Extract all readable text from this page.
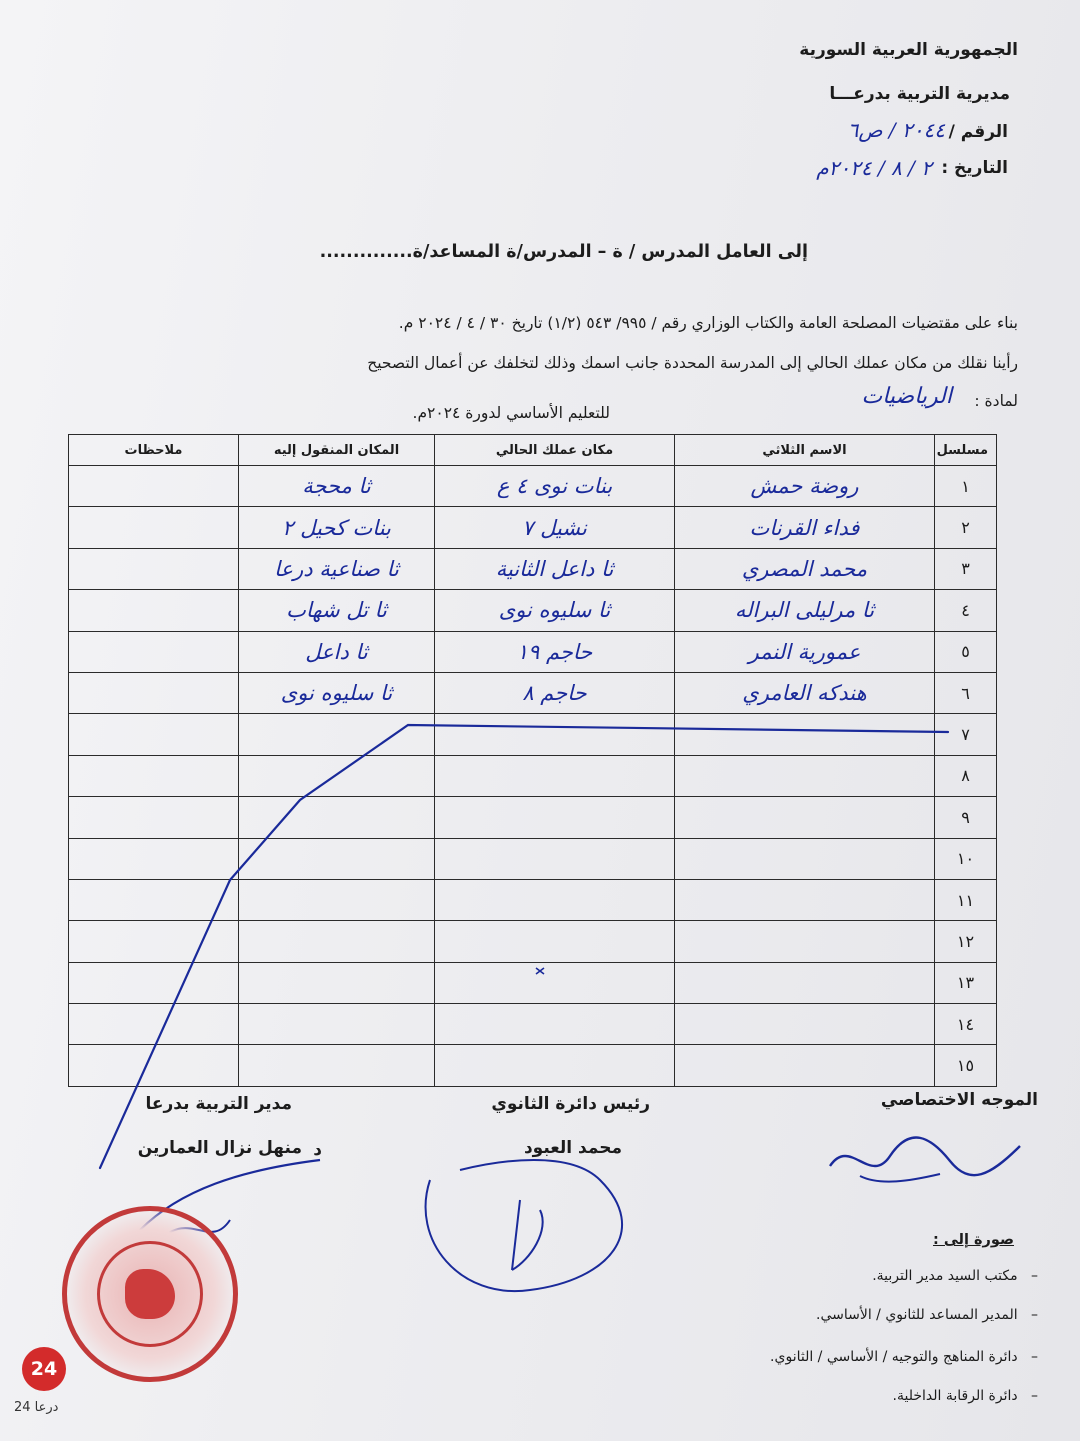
الجمهورية العربية السورية
مديرية التربية بدرعـــا
الرقم /
٢٠٤٤ / ص٦
التاريخ :
٢ / ٨ / ٢٠٢٤م
إلى العامل المدرس / ة – المدرس/ة المساعد/ة..............
بناء على مقتضيات المصلحة العامة والكتاب الوزاري رقم / ٩٩٥/ ٥٤٣ (١/٢) تاريخ ٣٠ / ٤ / ٢٠٢٤ م.
رأينا نقلك من مكان عملك الحالي إلى المدرسة المحددة جانب اسمك وذلك لتخلفك عن أعمال التصحيح
لمادة :
الرياضيات
للتعليم الأساسي لدورة ٢٠٢٤م.
مسلسل	الاسم الثلاثي	مكان عملك الحالي	المكان المنقول إليه	ملاحظات
١	روضة حمش	بنات نوى ٤ ع	ثا محجة	
٢	فداء القرنات	نشيل ٧	بنات كحيل ٢	
٣	محمد المصري	ثا داعل الثانية	ثا صناعية درعا	
٤	ثا مرليلى البراله	ثا سليوه نوى	ثا تل شهاب	
٥	عمورية النمر	حاجم ١٩	ثا داعل	
٦	هندكه العامري	حاجم ٨	ثا سليوه نوى	
٧				
٨				
٩				
١٠				
١١				
١٢				
١٣				
١٤				
١٥				
الموجه الاختصاصي
رئيس دائرة الثانوي
مدير التربية بدرعا
محمد العبود
منهل نزال العمارين د
صورة إلى :
–   مكتب السيد مدير التربية.
–   المدير المساعد للثانوي / الأساسي.
–   دائرة المناهج والتوجيه / الأساسي / الثانوي.
–   دائرة الرقابة الداخلية.
24
درعا 24
